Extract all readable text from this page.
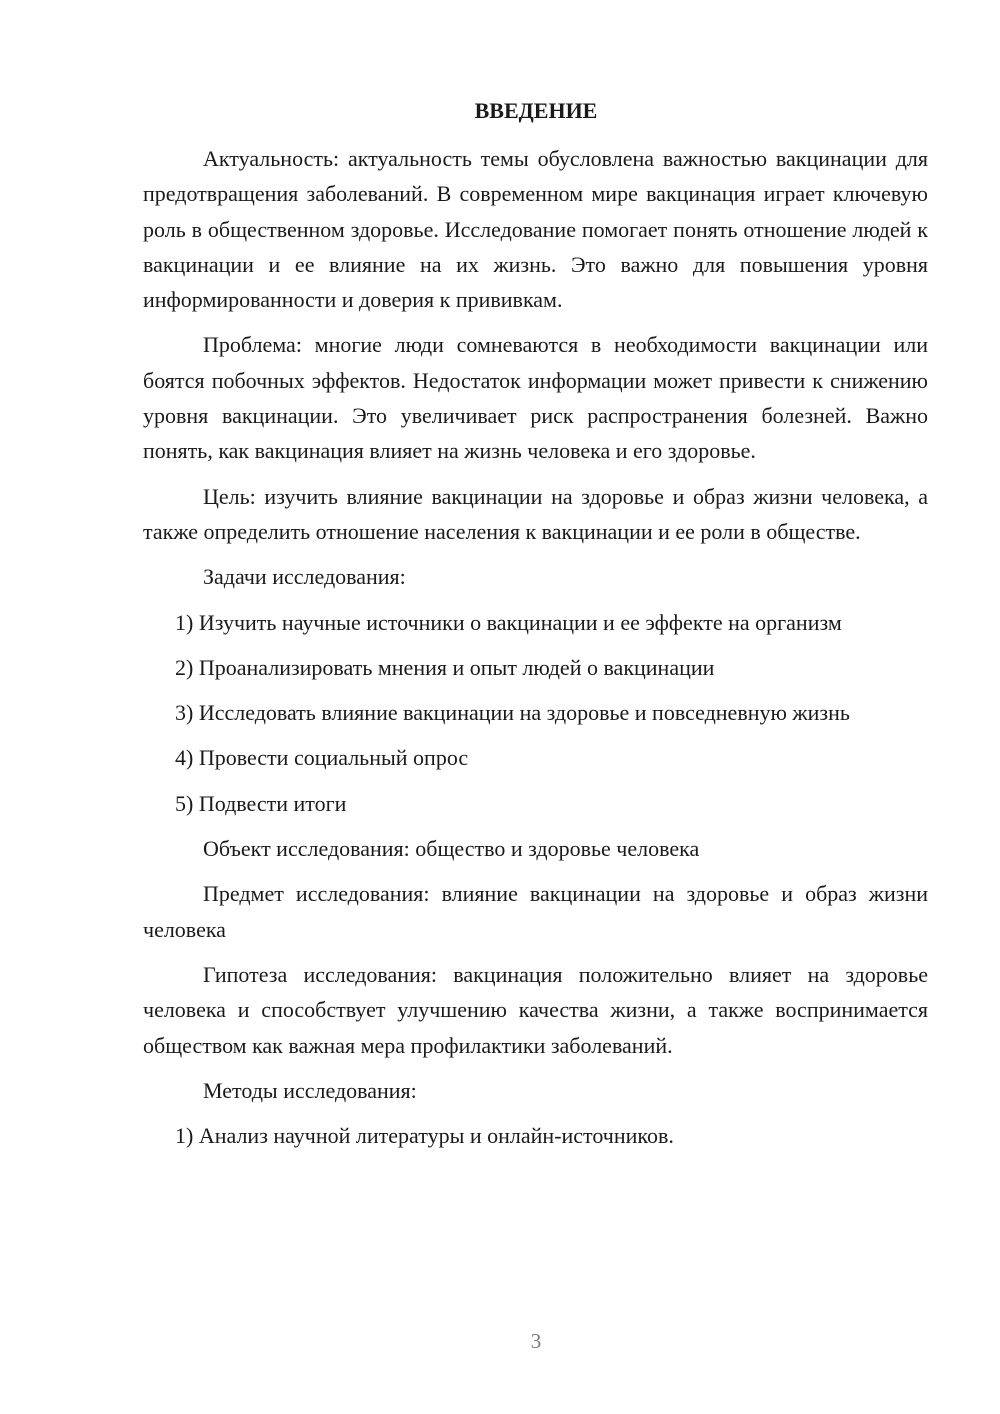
ВВЕДЕНИЕ

Актуальность: актуальность темы обусловлена важностью вакцинации для предотвращения заболеваний. В современном мире вакцинация играет ключевую роль в общественном здоровье. Исследование помогает понять отношение людей к вакцинации и ее влияние на их жизнь. Это важно для повышения уровня информированности и доверия к прививкам.

Проблема: многие люди сомневаются в необходимости вакцинации или боятся побочных эффектов. Недостаток информации может привести к снижению уровня вакцинации. Это увеличивает риск распространения болезней. Важно понять, как вакцинация влияет на жизнь человека и его здоровье.

Цель: изучить влияние вакцинации на здоровье и образ жизни человека, а также определить отношение населения к вакцинации и ее роли в обществе.

Задачи исследования:

1) Изучить научные источники о вакцинации и ее эффекте на организм

2) Проанализировать мнения и опыт людей о вакцинации

3) Исследовать влияние вакцинации на здоровье и повседневную жизнь

4) Провести социальный опрос

5) Подвести итоги

Объект исследования: общество и здоровье человека

Предмет исследования: влияние вакцинации на здоровье и образ жизни человека

Гипотеза исследования: вакцинация положительно влияет на здоровье человека и способствует улучшению качества жизни, а также воспринимается обществом как важная мера профилактики заболеваний.

Методы исследования:

1) Анализ научной литературы и онлайн-источников.

3
